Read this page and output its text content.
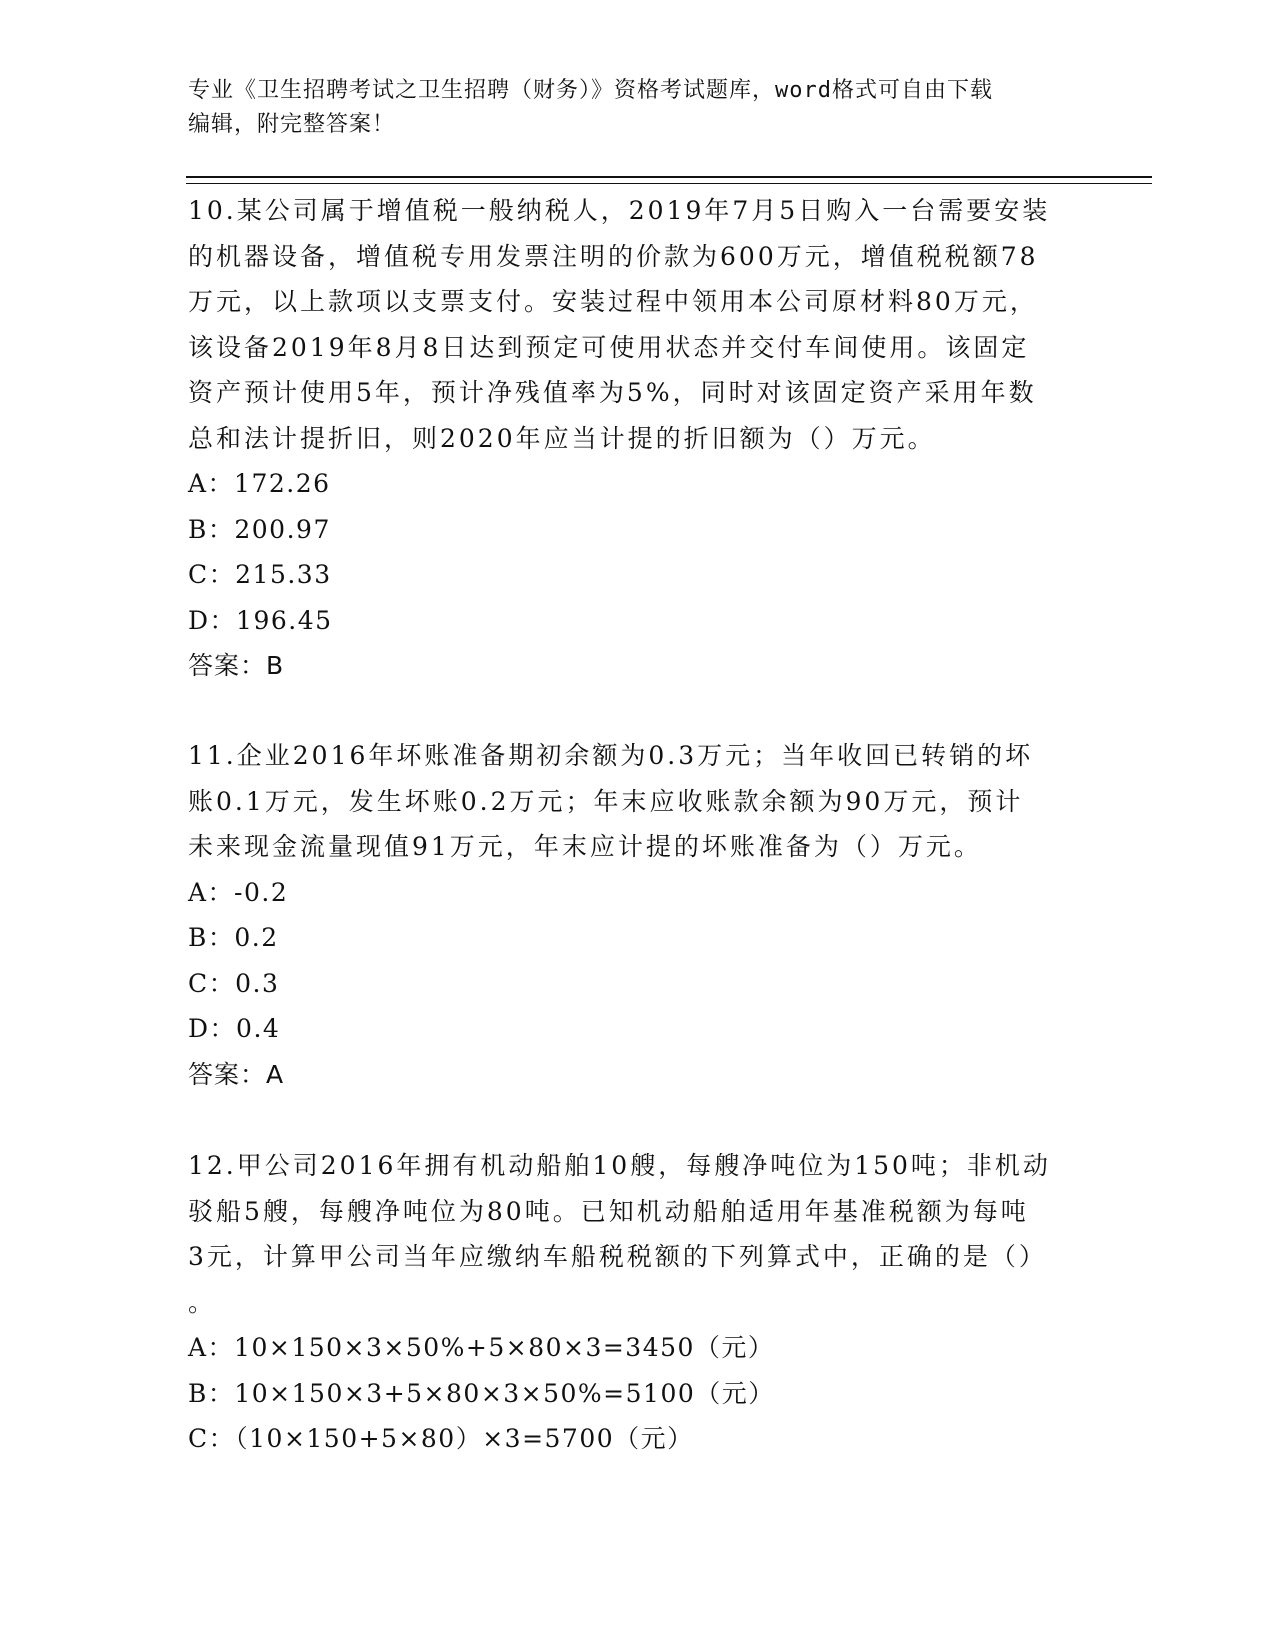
专业《卫生招聘考试之卫生招聘（财务）》资格考试题库，word格式可自由下载
编辑，附完整答案！
10.某公司属于增值税一般纳税人，2019年7月5日购入一台需要安装
的机器设备，增值税专用发票注明的价款为600万元，增值税税额78
万元，以上款项以支票支付。安装过程中领用本公司原材料80万元，
该设备2019年8月8日达到预定可使用状态并交付车间使用。该固定
资产预计使用5年，预计净残值率为5%，同时对该固定资产采用年数
总和法计提折旧，则2020年应当计提的折旧额为（）万元。
A：172.26
B：200.97
C：215.33
D：196.45
答案：B
11.企业2016年坏账准备期初余额为0.3万元；当年收回已转销的坏
账0.1万元，发生坏账0.2万元；年末应收账款余额为90万元，预计
未来现金流量现值91万元，年末应计提的坏账准备为（）万元。
A：-0.2
B：0.2
C：0.3
D：0.4
答案：A
12.甲公司2016年拥有机动船舶10艘，每艘净吨位为150吨；非机动
驳船5艘，每艘净吨位为80吨。已知机动船舶适用年基准税额为每吨
3元，计算甲公司当年应缴纳车船税税额的下列算式中，正确的是（）
。
A：10×150×3×50%+5×80×3=3450（元）
B：10×150×3+5×80×3×50%=5100（元）
C：（10×150+5×80）×3=5700（元）
